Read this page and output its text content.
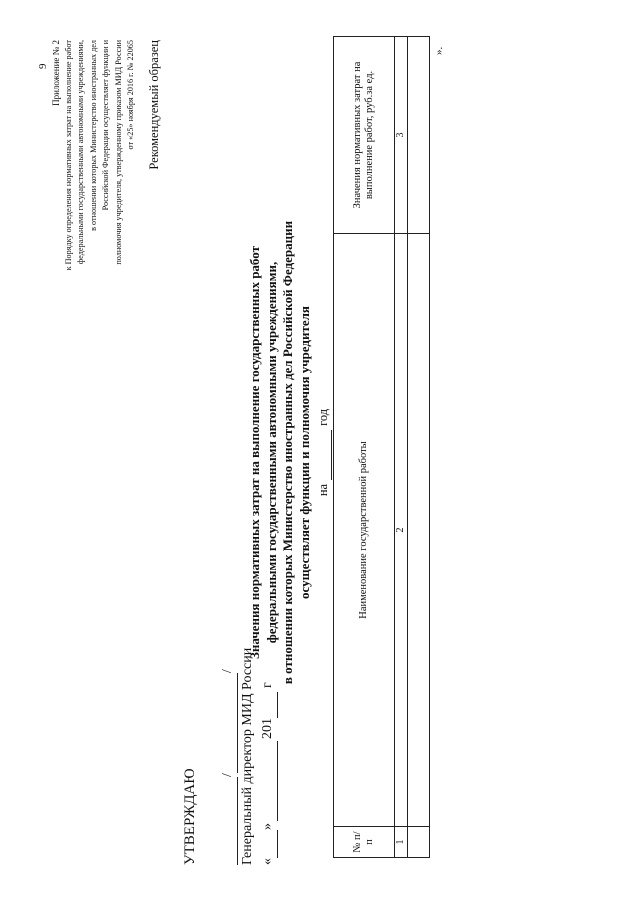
9 Приложение № 2 к Порядку определения нормативных затрат на выполнение работ федеральными государственными автономными учреждениями, в отношении которых Министерство иностранных дел Российской Федерации осуществляет функции и полномочия учредителя, утвержденному приказом МИД России от «25» ноября 2016 г. № 22065 Рекомендуемый образец
УТВЕРЖДАЮ // Генеральный директор МИД России «»201г
Значения нормативных затрат на выполнение государственных работ федеральными государственными автономными учреждениями, в отношении которых Министерство иностранных дел Российской Федерации осуществляет функции и полномочия учредителя нагод
№ п/п	Наименование государственной работы	Значения нормативных затрат на выполнение работ, руб.за ед.
1	2	3

».
